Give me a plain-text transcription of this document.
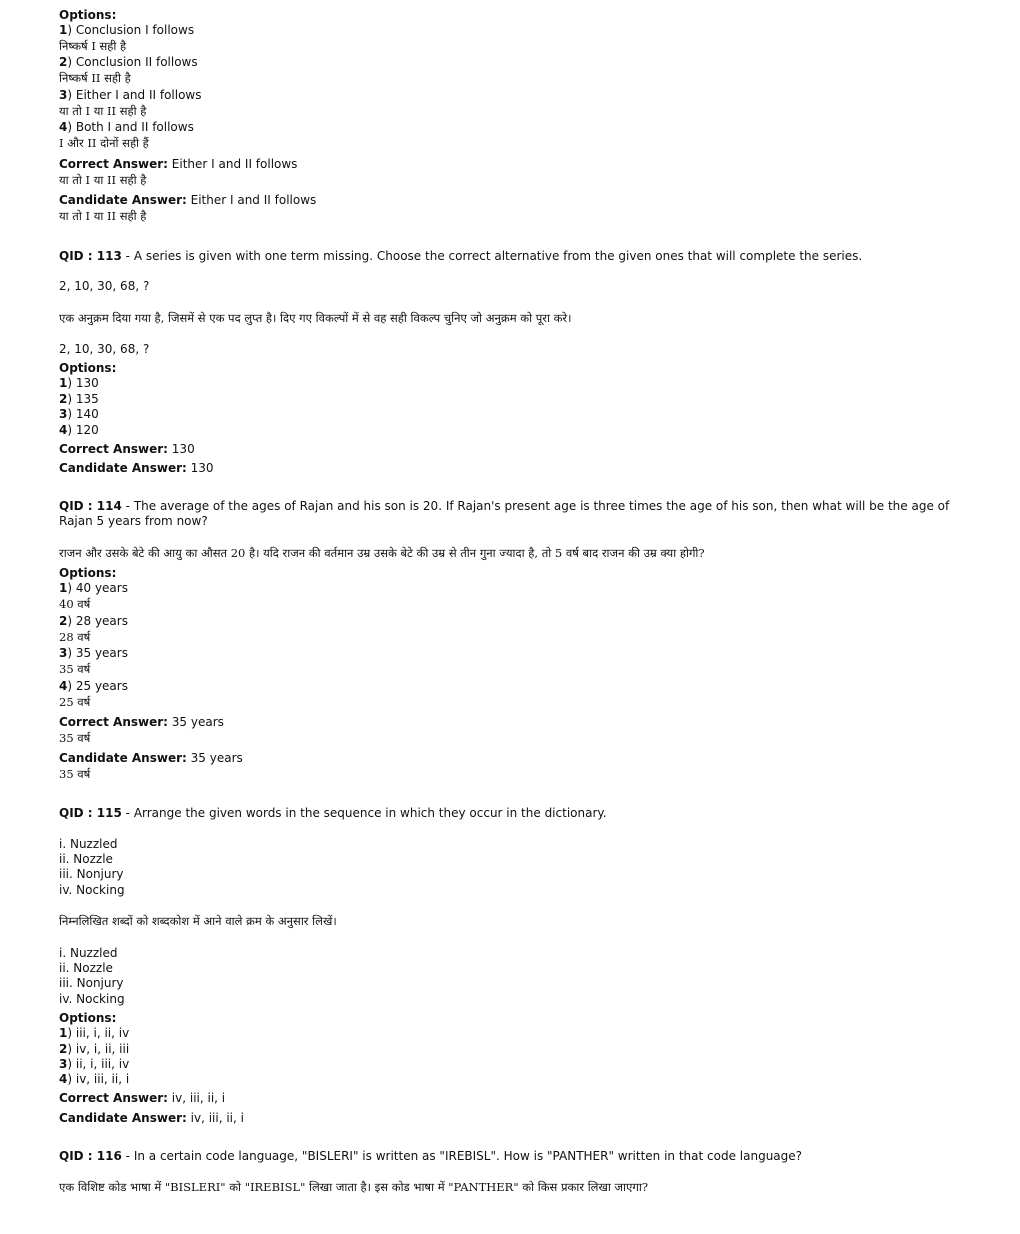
Options:
1) Conclusion I follows
निष्कर्ष I सही है
2) Conclusion II follows
निष्कर्ष II सही है
3) Either I and II follows
या तो I या II सही है
4) Both I and II follows
I और II दोनों सही हैं
Correct Answer: Either I and II follows
या तो I या II सही है
Candidate Answer: Either I and II follows
या तो I या II सही है
QID : 113 - A series is given with one term missing. Choose the correct alternative from the given ones that will complete the series.
2, 10, 30, 68, ?
एक अनुक्रम दिया गया है, जिसमें से एक पद लुप्त है। दिए गए विकल्पों में से वह सही विकल्प चुनिए जो अनुक्रम को पूरा करे।
2, 10, 30, 68, ?
Options:
1) 130
2) 135
3) 140
4) 120
Correct Answer: 130
Candidate Answer: 130
QID : 114 - The average of the ages of Rajan and his son is 20. If Rajan's present age is three times the age of his son, then what will be the age of Rajan 5 years from now?
राजन और उसके बेटे की आयु का औसत 20 है। यदि राजन की वर्तमान उम्र उसके बेटे की उम्र से तीन गुना ज्यादा है, तो 5 वर्ष बाद राजन की उम्र क्या होगी?
Options:
1) 40 years
40 वर्ष
2) 28 years
28 वर्ष
3) 35 years
35 वर्ष
4) 25 years
25 वर्ष
Correct Answer: 35 years
35 वर्ष
Candidate Answer: 35 years
35 वर्ष
QID : 115 - Arrange the given words in the sequence in which they occur in the dictionary.
i. Nuzzled
ii. Nozzle
iii. Nonjury
iv. Nocking
निम्नलिखित शब्दों को शब्दकोश में आने वाले क्रम के अनुसार लिखें।
i. Nuzzled
ii. Nozzle
iii. Nonjury
iv. Nocking
Options:
1) iii, i, ii, iv
2) iv, i, ii, iii
3) ii, i, iii, iv
4) iv, iii, ii, i
Correct Answer: iv, iii, ii, i
Candidate Answer: iv, iii, ii, i
QID : 116 - In a certain code language, "BISLERI" is written as "IREBISL". How is "PANTHER" written in that code language?
एक विशिष्ट कोड भाषा में "BISLERI" को "IREBISL" लिखा जाता है। इस कोड भाषा में "PANTHER" को किस प्रकार लिखा जाएगा?
